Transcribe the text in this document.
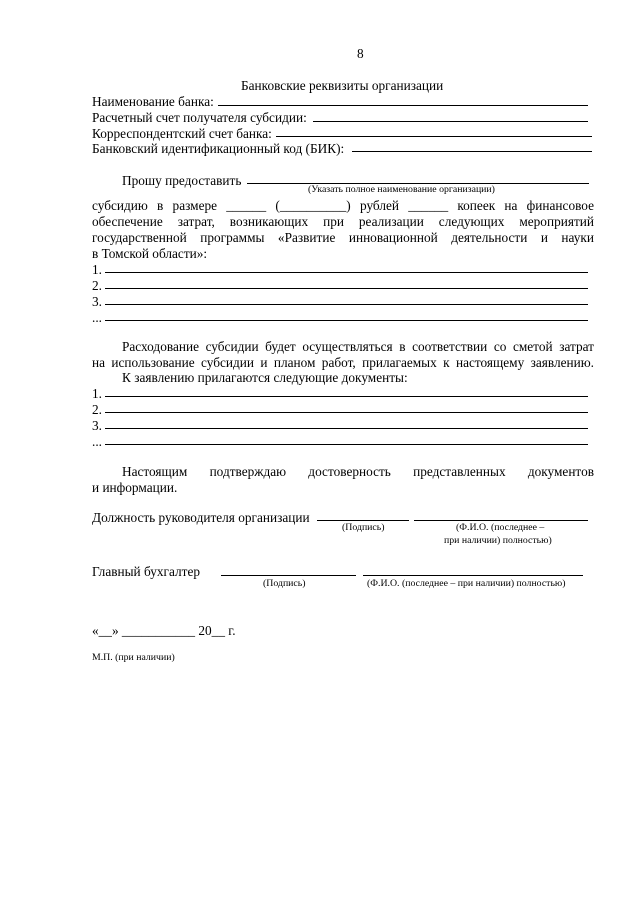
8
Банковские реквизиты организации
Наименование банка:
Расчетный счет получателя субсидии:
Корреспондентский счет банка:
Банковский идентификационный код (БИК):
Прошу предоставить
(Указать полное наименование организации)
субсидию в размере ______ (__________) рублей ______ копеек на финансовое
обеспечение затрат, возникающих при реализации следующих мероприятий
государственной программы «Развитие инновационной деятельности и науки
в Томской области»:
1.
2.
3.
...
Расходование субсидии будет осуществляться в соответствии со сметой затрат
на использование субсидии и планом работ, прилагаемых к настоящему заявлению.
К заявлению прилагаются следующие документы:
1.
2.
3.
...
Настоящим подтверждаю достоверность представленных документов
и информации.
Должность руководителя организации
(Подпись)	(Ф.И.О. (последнее –
при наличии) полностью)
Главный бухгалтер
(Подпись)	(Ф.И.О. (последнее – при наличии) полностью)
«__» ___________ 20__ г.
М.П. (при наличии)
